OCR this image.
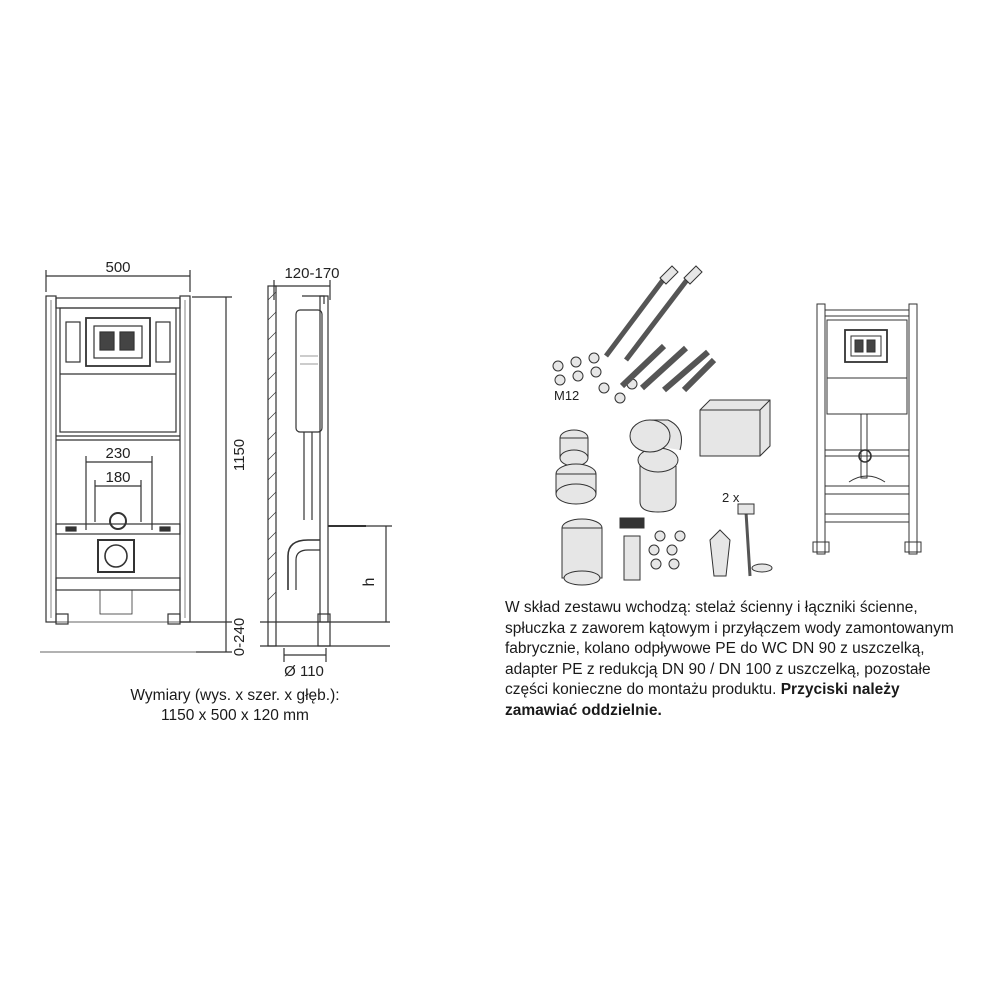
500
1150
0-240
230
180
120-170
Ø 110
h
M12
2 x
Wymiary (wys. x szer. x głęb.):
1150 x 500 x 120 mm
W skład zestawu wchodzą: stelaż ścienny i łączniki ścienne, spłuczka z zaworem kątowym i przyłączem wody zamontowanym fabrycznie, kolano odpływowe PE do WC DN 90 z uszczelką, adapter PE z redukcją DN 90 / DN 100 z uszczelką, pozostałe części konieczne do montażu produktu. Przyciski należy zamawiać oddzielnie.
